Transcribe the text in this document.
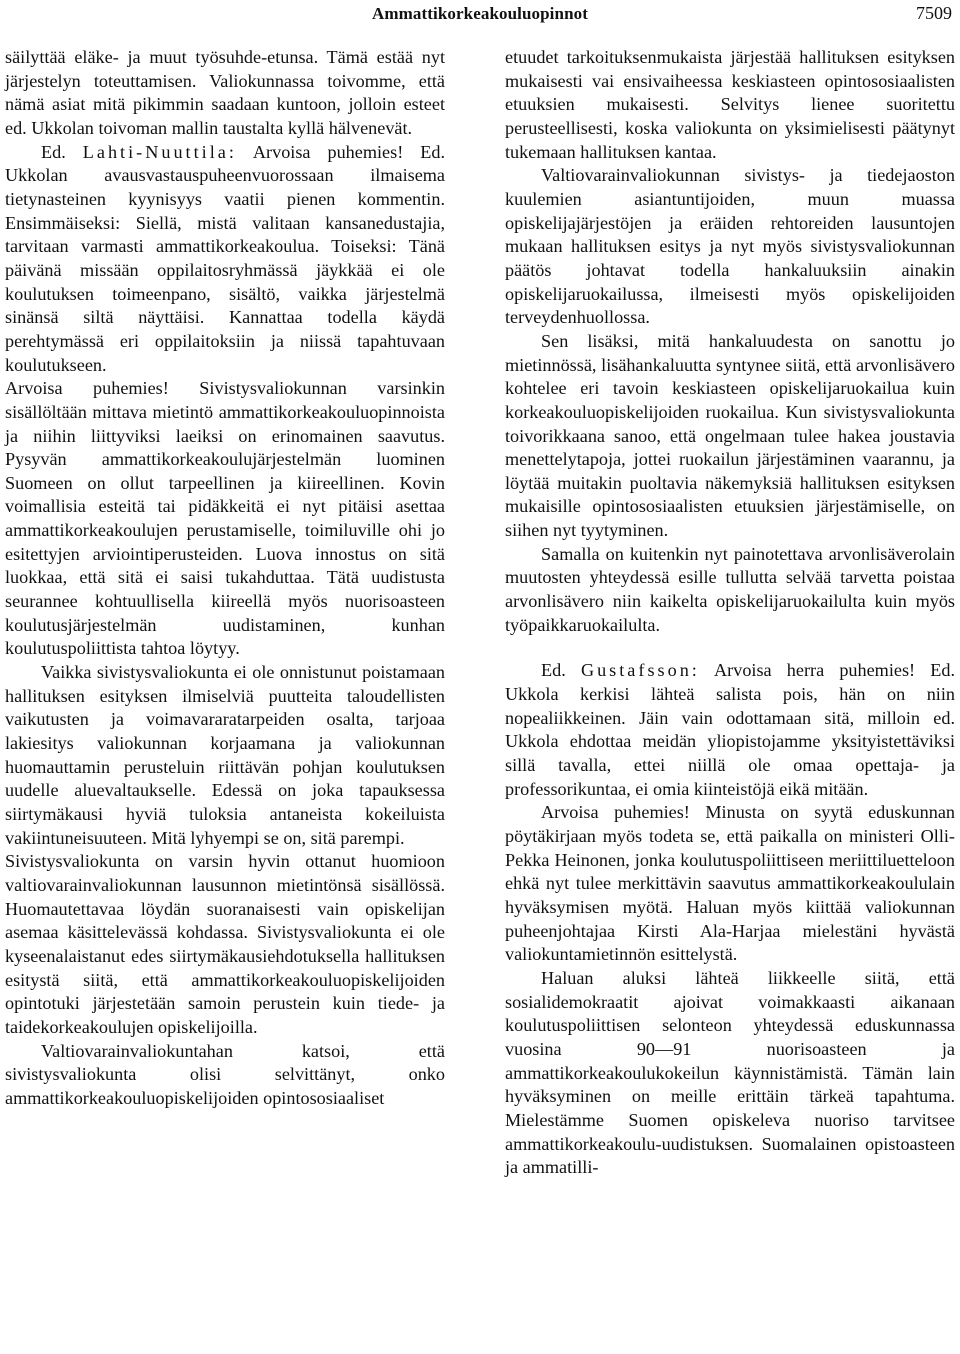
Ammattikorkeakouluopinnot	7509

säilyttää eläke- ja muut työsuhde-etunsa. Tämä estää nyt järjestelyn toteuttamisen. Valiokunnassa toivomme, että nämä asiat mitä pikimmin saadaan kuntoon, jolloin esteet ed. Ukkolan toivoman mallin taustalta kyllä hälvenevät.

Ed. Lahti-Nuuttila: Arvoisa puhemies! Ed. Ukkolan avausvastauspuheenvuorossaan ilmaisema tietynasteinen kyynisyys vaatii pienen kommentin. Ensimmäiseksi: Siellä, mistä valitaan kansanedustajia, tarvitaan varmasti ammattikorkeakoulua. Toiseksi: Tänä päivänä missään oppilaitosryhmässä jäykkää ei ole koulutuksen toimeenpano, sisältö, vaikka järjestelmä sinänsä siltä näyttäisi. Kannattaa todella käydä perehtymässä eri oppilaitoksiin ja niissä tapahtuvaan koulutukseen.

Arvoisa puhemies! Sivistysvaliokunnan varsinkin sisällöltään mittava mietintö ammattikorkeakouluopinnoista ja niihin liittyviksi laeiksi on erinomainen saavutus. Pysyvän ammattikorkeakoulujärjestelmän luominen Suomeen on ollut tarpeellinen ja kiireellinen. Kovin voimallisia esteitä tai pidäkkeitä ei nyt pitäisi asettaa ammattikorkeakoulujen perustamiselle, toimiluville ohi jo esitettyjen arviointiperusteiden. Luova innostus on sitä luokkaa, että sitä ei saisi tukahduttaa. Tätä uudistusta seurannee kohtuullisella kiireellä myös nuorisoasteen koulutusjärjestelmän uudistaminen, kunhan koulutuspoliittista tahtoa löytyy.

Vaikka sivistysvaliokunta ei ole onnistunut poistamaan hallituksen esityksen ilmiselviä puutteita taloudellisten vaikutusten ja voimavararatarpeiden osalta, tarjoaa lakiesitys valiokunnan korjaamana ja valiokunnan huomauttamin perusteluin riittävän pohjan koulutuksen uudelle aluevaltaukselle. Edessä on joka tapauksessa siirtymäkausi hyviä tuloksia antaneista kokeiluista vakiintuneisuuteen. Mitä lyhyempi se on, sitä parempi.

Sivistysvaliokunta on varsin hyvin ottanut huomioon valtiovarainvaliokunnan lausunnon mietintönsä sisällössä. Huomautettavaa löydän suoranaisesti vain opiskelijan asemaa käsittelevässä kohdassa. Sivistysvaliokunta ei ole kyseenalaistanut edes siirtymäkausiehdotuksella hallituksen esitystä siitä, että ammattikorkeakouluopiskelijoiden opintotuki järjestetään samoin perustein kuin tiede- ja taidekorkeakoulujen opiskelijoilla.

Valtiovarainvaliokuntahan katsoi, että sivistysvaliokunta olisi selvittänyt, onko ammattikorkeakouluopiskelijoiden opintososiaaliset

etuudet tarkoituksenmukaista järjestää hallituksen esityksen mukaisesti vai ensivaiheessa keskiasteen opintososiaalisten etuuksien mukaisesti. Selvitys lienee suoritettu perusteellisesti, koska valiokunta on yksimielisesti päätynyt tukemaan hallituksen kantaa.

Valtiovarainvaliokunnan sivistys- ja tiedejaoston kuulemien asiantuntijoiden, muun muassa opiskelijajärjestöjen ja eräiden rehtoreiden lausuntojen mukaan hallituksen esitys ja nyt myös sivistysvaliokunnan päätös johtavat todella hankaluuksiin ainakin opiskelijaruokailussa, ilmeisesti myös opiskelijoiden terveydenhuollossa.

Sen lisäksi, mitä hankaluudesta on sanottu jo mietinnössä, lisähankaluutta syntynee siitä, että arvonlisävero kohtelee eri tavoin keskiasteen opiskelijaruokailua kuin korkeakouluopiskelijoiden ruokailua. Kun sivistysvaliokunta toivorikkaana sanoo, että ongelmaan tulee hakea joustavia menettelytapoja, jottei ruokailun järjestäminen vaarannu, ja löytää muitakin puoltavia näkemyksiä hallituksen esityksen mukaisille opintososiaalisten etuuksien järjestämiselle, on siihen nyt tyytyminen.

Samalla on kuitenkin nyt painotettava arvonlisäverolain muutosten yhteydessä esille tullutta selvää tarvetta poistaa arvonlisävero niin kaikelta opiskelijaruokailulta kuin myös työpaikkaruokailulta.

Ed. Gustafsson: Arvoisa herra puhemies! Ed. Ukkola kerkisi lähteä salista pois, hän on niin nopealiikkeinen. Jäin vain odottamaan sitä, milloin ed. Ukkola ehdottaa meidän yliopistojamme yksityistettäviksi sillä tavalla, ettei niillä ole omaa opettaja- ja professorikuntaa, ei omia kiinteistöjä eikä mitään.

Arvoisa puhemies! Minusta on syytä eduskunnan pöytäkirjaan myös todeta se, että paikalla on ministeri Olli-Pekka Heinonen, jonka koulutuspoliittiseen meriittiluetteloon ehkä nyt tulee merkittävin saavutus ammattikorkeakoululain hyväksymisen myötä. Haluan myös kiittää valiokunnan puheenjohtajaa Kirsti Ala-Harjaa mielestäni hyvästä valiokuntamietinnön esittelystä.

Haluan aluksi lähteä liikkeelle siitä, että sosialidemokraatit ajoivat voimakkaasti aikanaan koulutuspoliittisen selonteon yhteydessä eduskunnassa vuosina 90—91 nuorisoasteen ja ammattikorkeakoulukokeilun käynnistämistä. Tämän lain hyväksyminen on meille erittäin tärkeä tapahtuma. Mielestämme Suomen opiskeleva nuoriso tarvitsee ammattikorkeakoulu-uudistuksen. Suomalainen opistoasteen ja ammatilli-
